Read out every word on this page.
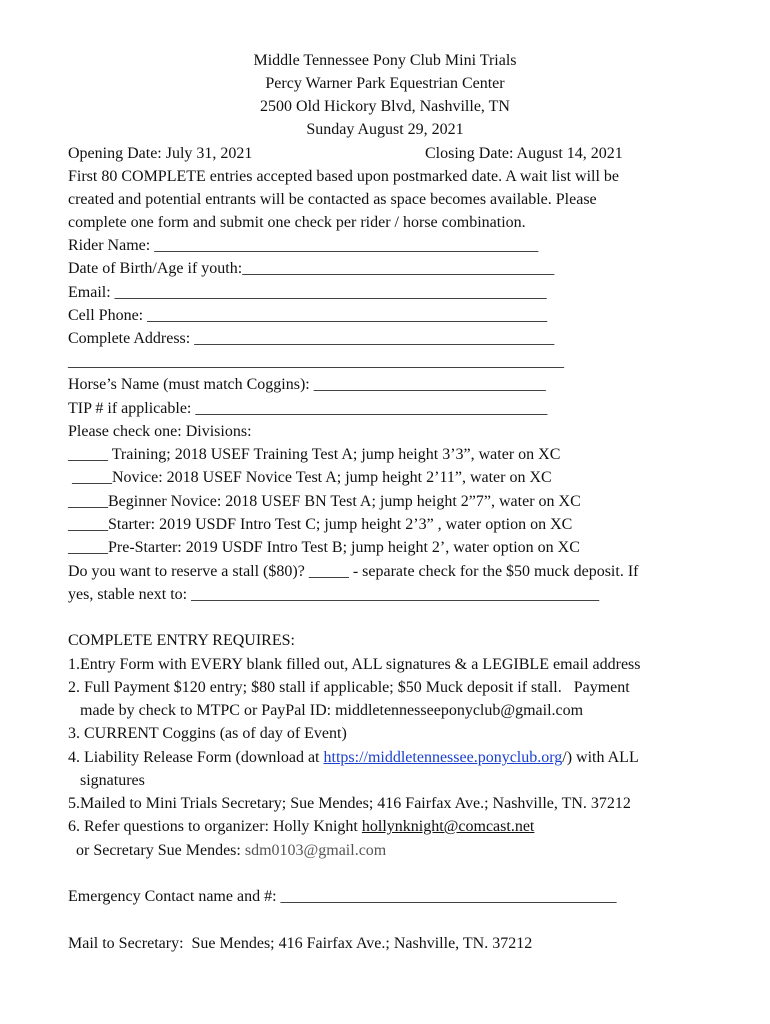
Middle Tennessee Pony Club Mini Trials
Percy Warner Park Equestrian Center
2500 Old Hickory Blvd, Nashville, TN
Sunday August 29, 2021
Opening Date: July 31, 2021	Closing Date: August 14, 2021
First 80 COMPLETE entries accepted based upon postmarked date. A wait list will be
created and potential entrants will be contacted as space becomes available. Please
complete one form and submit one check per rider / horse combination.
Rider Name: ________________________________________________
Date of Birth/Age if youth:_______________________________________
Email: ______________________________________________________
Cell Phone: __________________________________________________
Complete Address: _____________________________________________
______________________________________________________________
Horse’s Name (must match Coggins): _____________________________
TIP # if applicable: ____________________________________________
Please check one: Divisions:
_____ Training; 2018 USEF Training Test A; jump height 3’3”, water on XC
_____Novice: 2018 USEF Novice Test A; jump height 2’11”, water on XC
_____Beginner Novice: 2018 USEF BN Test A; jump height 2”7”, water on XC
_____Starter: 2019 USDF Intro Test C; jump height 2’3” , water option on XC
_____Pre-Starter: 2019 USDF Intro Test B; jump height 2’, water option on XC
Do you want to reserve a stall ($80)? _____ - separate check for the $50 muck deposit. If
yes, stable next to: ___________________________________________________
COMPLETE ENTRY REQUIRES:
1.Entry Form with EVERY blank filled out, ALL signatures & a LEGIBLE email address
2. Full Payment $120 entry; $80 stall if applicable; $50 Muck deposit if stall.   Payment
made by check to MTPC or PayPal ID: middletennesseeponyclub@gmail.com
3. CURRENT Coggins (as of day of Event)
4. Liability Release Form (download at https://middletennessee.ponyclub.org/) with ALL
signatures
5.Mailed to Mini Trials Secretary; Sue Mendes; 416 Fairfax Ave.; Nashville, TN. 37212
6. Refer questions to organizer: Holly Knight hollynknight@comcast.net
or Secretary Sue Mendes: sdm0103@gmail.com
Emergency Contact name and #: __________________________________________
Mail to Secretary:  Sue Mendes; 416 Fairfax Ave.; Nashville, TN. 37212
